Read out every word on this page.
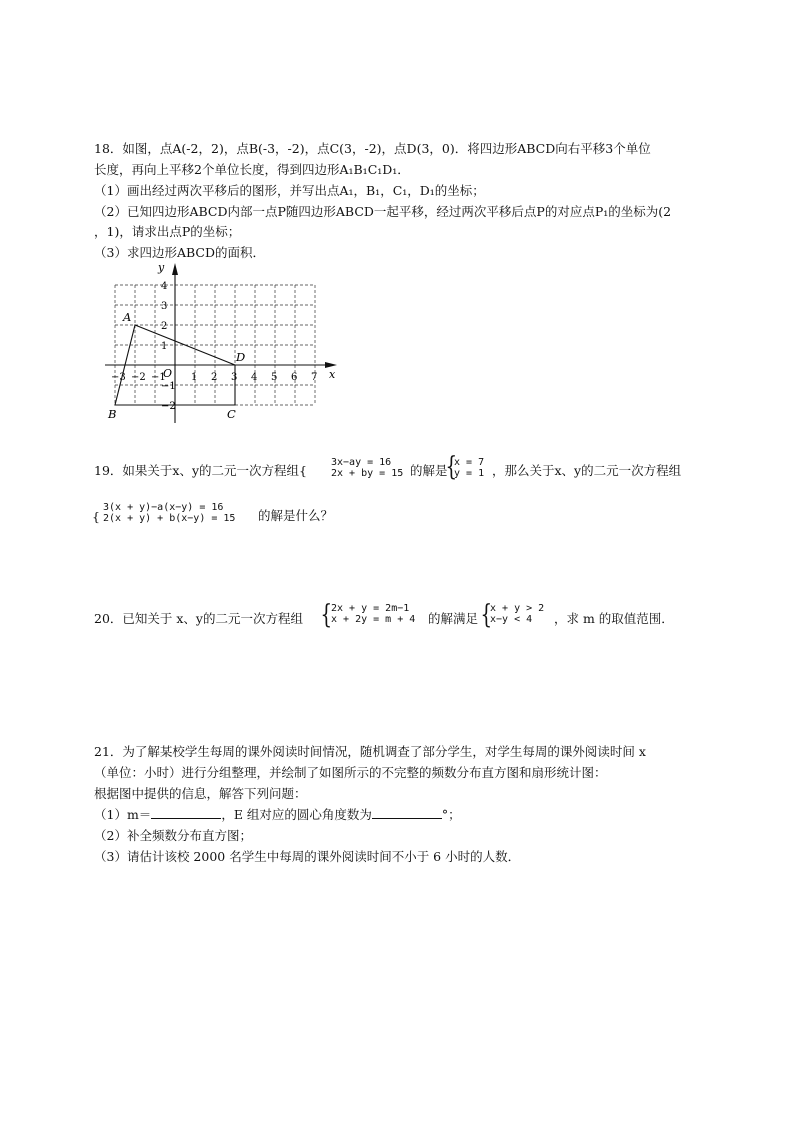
18．如图，点A(-2，2)，点B(-3，-2)，点C(3，-2)，点D(3，0)．将四边形ABCD向右平移3个单位
长度，再向上平移2个单位长度，得到四边形A₁B₁C₁D₁．
（1）画出经过两次平移后的图形，并写出点A₁，B₁，C₁，D₁的坐标；
（2）已知四边形ABCD内部一点P随四边形ABCD一起平移，经过两次平移后点P的对应点P₁的坐标为(2
，1)，请求出点P的坐标；
（3）求四边形ABCD的面积．
x
y
−3 −2 −1	1 2 3 4 5 6 7
4
3
2
1
−1
−2
O
A
B	C
D
19．如果关于x、y的二元一次方程组{
3x−ay = 16
2x + by = 15 的解是
{
x = 7
y = 1 ，那么关于x、y的二元一次方程组
{
3(x + y)−a(x−y) = 16
2(x + y) + b(x−y) = 15 的解是什么？
20．已知关于 x、y的二元一次方程组 {
2x + y = 2m−1
x + 2y = m + 4 的解满足 {
x + y > 2
x−y < 4	，求 m 的取值范围．
21．为了解某校学生每周的课外阅读时间情况，随机调查了部分学生，对学生每周的课外阅读时间 x
（单位：小时）进行分组整理，并绘制了如图所示的不完整的频数分布直方图和扇形统计图：
根据图中提供的信息，解答下列问题：
（1）m＝	，E 组对应的圆心角度数为	°；
（2）补全频数分布直方图；
（3）请估计该校 2000 名学生中每周的课外阅读时间不小于 6 小时的人数．
